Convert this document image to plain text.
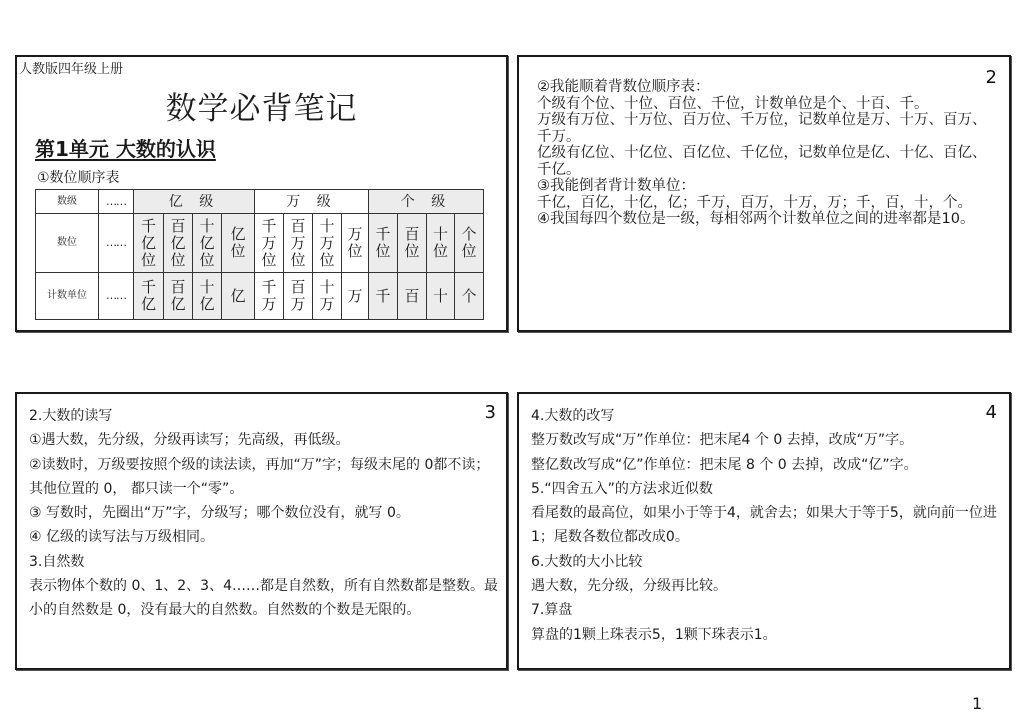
人教版四年级上册
数学必背笔记
第1单元 大数的认识
①数位顺序表
数级	……	亿 级				万 级				个 级			
数位	……	千亿位	百亿位	十亿位	亿位	千万位	百万位	十万位	万位	千位	百位	十位	个位
计数单位	……	千亿	百亿	十亿	亿	千万	百万	十万	万	千	百	十	个
2

②我能顺着背数位顺序表：

个级有个位、十位、百位、千位，计数单位是个、十百、千。

万级有万位、十万位、百万位、千万位，记数单位是万、十万、百万、千万。

亿级有亿位、十亿位、百亿位、千亿位，记数单位是亿、十亿、百亿、千亿。

③我能倒者背计数单位：

千亿，百亿，十亿，亿；千万，百万，十万，万；千，百，十，个。

④我国每四个数位是一级，每相邻两个计数单位之间的进率都是10。

3

2.大数的读写

①遇大数，先分级，分级再读写；先高级，再低级。

②读数时，万级要按照个级的读法读，再加“万”字；每级末尾的 0都不读；其他位置的 0， 都只读一个“零”。

③ 写数时，先圈出“万”字，分级写；哪个数位没有，就写 0。

④ 亿级的读写法与万级相同。

3.自然数

表示物体个数的 0、1、2、3、4……都是自然数，所有自然数都是整数。最小的自然数是 0，没有最大的自然数。自然数的个数是无限的。

4

4.大数的改写

整万数改写成“万”作单位：把末尾4 个 0 去掉，改成“万”字。

整亿数改写成“亿”作单位：把末尾 8 个 0 去掉，改成“亿”字。

5.“四舍五入”的方法求近似数

看尾数的最高位，如果小于等于4，就舍去；如果大于等于5，就向前一位进1；尾数各数位都改成0。

6.大数的大小比较

遇大数，先分级，分级再比较。

7.算盘

算盘的1颗上珠表示5，1颗下珠表示1。

1
